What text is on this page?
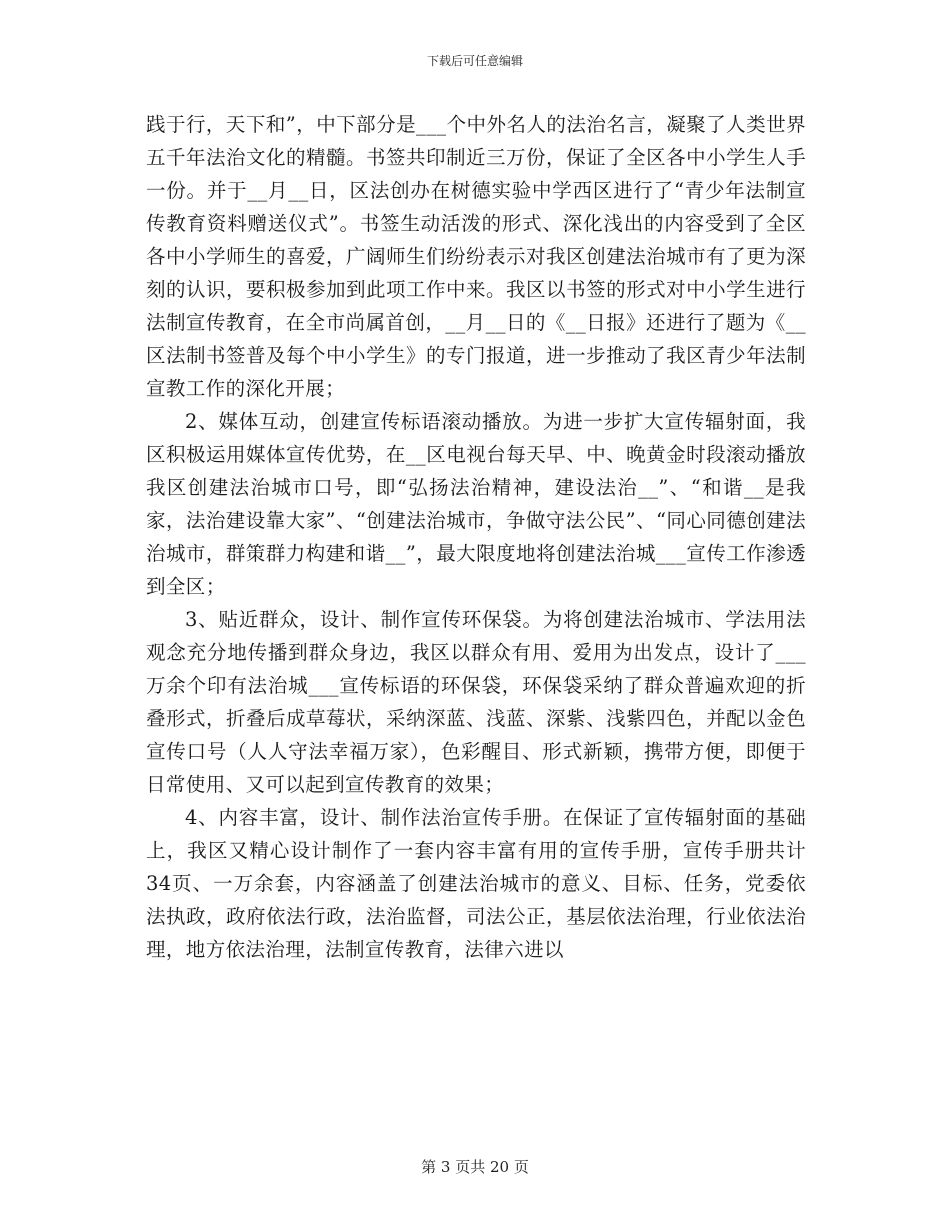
下载后可任意编辑

践于行，天下和”，中下部分是___个中外名人的法治名言，凝聚了人类世界五千年法治文化的精髓。书签共印制近三万份，保证了全区各中小学生人手一份。并于__月__日，区法创办在树德实验中学西区进行了“青少年法制宣传教育资料赠送仪式”。书签生动活泼的形式、深化浅出的内容受到了全区各中小学师生的喜爱，广阔师生们纷纷表示对我区创建法治城市有了更为深刻的认识，要积极参加到此项工作中来。我区以书签的形式对中小学生进行法制宣传教育，在全市尚属首创，__月__日的《__日报》还进行了题为《__区法制书签普及每个中小学生》的专门报道，进一步推动了我区青少年法制宣教工作的深化开展；

2、媒体互动，创建宣传标语滚动播放。为进一步扩大宣传辐射面，我区积极运用媒体宣传优势，在__区电视台每天早、中、晚黄金时段滚动播放我区创建法治城市口号，即“弘扬法治精神，建设法治__”、“和谐__是我家，法治建设靠大家”、“创建法治城市，争做守法公民”、“同心同德创建法治城市，群策群力构建和谐__”，最大限度地将创建法治城___宣传工作渗透到全区；

3、贴近群众，设计、制作宣传环保袋。为将创建法治城市、学法用法观念充分地传播到群众身边，我区以群众有用、爱用为出发点，设计了___万余个印有法治城___宣传标语的环保袋，环保袋采纳了群众普遍欢迎的折叠形式，折叠后成草莓状，采纳深蓝、浅蓝、深紫、浅紫四色，并配以金色宣传口号（人人守法幸福万家），色彩醒目、形式新颖，携带方便，即便于日常使用、又可以起到宣传教育的效果；

4、内容丰富，设计、制作法治宣传手册。在保证了宣传辐射面的基础上，我区又精心设计制作了一套内容丰富有用的宣传手册，宣传手册共计34页、一万余套，内容涵盖了创建法治城市的意义、目标、任务，党委依法执政，政府依法行政，法治监督，司法公正，基层依法治理，行业依法治理，地方依法治理，法制宣传教育，法律六进以

第 3 页共 20 页
